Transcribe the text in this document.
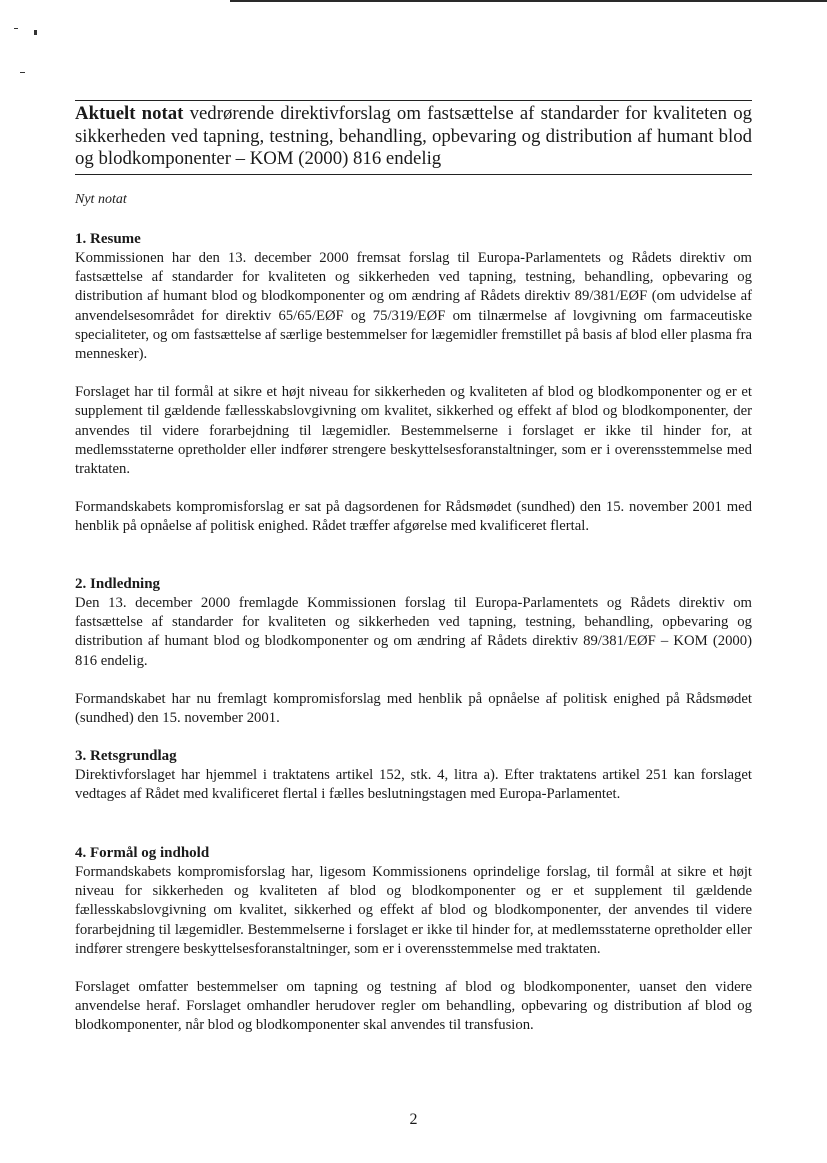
Aktuelt notat vedrørende direktivforslag om fastsættelse af standarder for kvaliteten og sikkerheden ved tapning, testning, behandling, opbevaring og distribution af humant blod og blodkomponenter – KOM (2000) 816 endelig
Nyt notat
1. Resume

Kommissionen har den 13. december 2000 fremsat forslag til Europa-Parlamentets og Rådets direktiv om fastsættelse af standarder for kvaliteten og sikkerheden ved tapning, testning, behandling, opbevaring og distribution af humant blod og blodkomponenter og om ændring af Rådets direktiv 89/381/EØF (om udvidelse af anvendelsesområdet for direktiv 65/65/EØF og 75/319/EØF om tilnærmelse af lovgivning om farmaceutiske specialiteter, og om fastsættelse af særlige bestemmelser for lægemidler fremstillet på basis af blod eller plasma fra mennesker).

Forslaget har til formål at sikre et højt niveau for sikkerheden og kvaliteten af blod og blodkomponenter og er et supplement til gældende fællesskabslovgivning om kvalitet, sikkerhed og effekt af blod og blodkomponenter, der anvendes til videre forarbejdning til lægemidler. Bestemmelserne i forslaget er ikke til hinder for, at medlemsstaterne opretholder eller indfører strengere beskyttelsesforanstaltninger, som er i overensstemmelse med traktaten.

Formandskabets kompromisforslag er sat på dagsordenen for Rådsmødet (sundhed) den 15. november 2001 med henblik på opnåelse af politisk enighed. Rådet træffer afgørelse med kvalificeret flertal.

2. Indledning

Den 13. december 2000 fremlagde Kommissionen forslag til Europa-Parlamentets og Rådets direktiv om fastsættelse af standarder for kvaliteten og sikkerheden ved tapning, testning, behandling, opbevaring og distribution af humant blod og blodkomponenter og om ændring af Rådets direktiv 89/381/EØF – KOM (2000) 816 endelig.

Formandskabet har nu fremlagt kompromisforslag med henblik på opnåelse af politisk enighed på Rådsmødet (sundhed) den 15. november 2001.

3. Retsgrundlag

Direktivforslaget har hjemmel i traktatens artikel 152, stk. 4, litra a). Efter traktatens artikel 251 kan forslaget vedtages af Rådet med kvalificeret flertal i fælles beslutningstagen med Europa-Parlamentet.

4. Formål og indhold

Formandskabets kompromisforslag har, ligesom Kommissionens oprindelige forslag, til formål at sikre et højt niveau for sikkerheden og kvaliteten af blod og blodkomponenter og er et supplement til gældende fællesskabslovgivning om kvalitet, sikkerhed og effekt af blod og blodkomponenter, der anvendes til videre forarbejdning til lægemidler. Bestemmelserne i forslaget er ikke til hinder for, at medlemsstaterne opretholder eller indfører strengere beskyttelsesforanstaltninger, som er i overensstemmelse med traktaten.

Forslaget omfatter bestemmelser om tapning og testning af blod og blodkomponenter, uanset den videre anvendelse heraf. Forslaget omhandler herudover regler om behandling, opbevaring og distribution af blod og blodkomponenter, når blod og blodkomponenter skal anvendes til transfusion.

2
